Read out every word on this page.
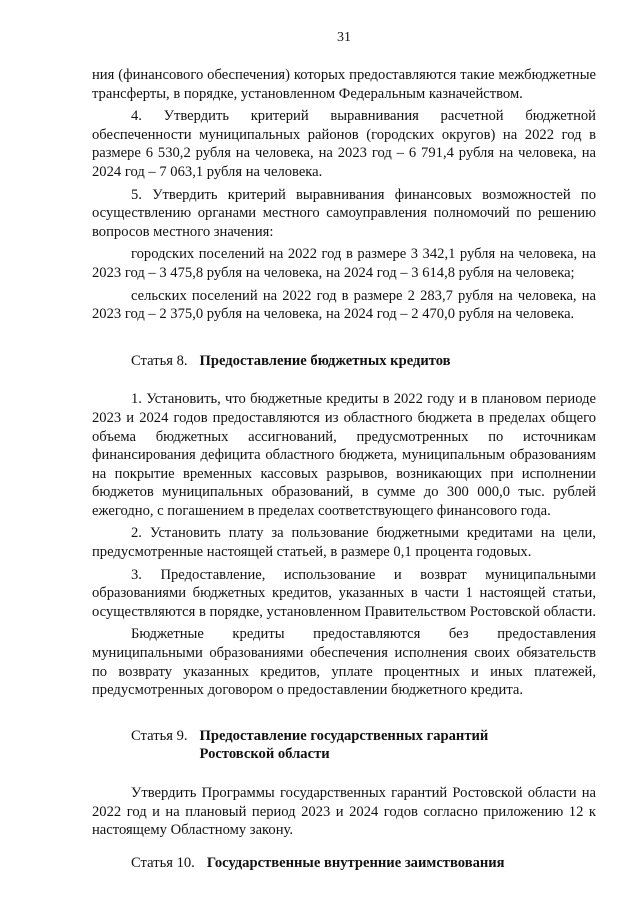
31

ния (финансового обеспечения) которых предоставляются такие межбюджетные трансферты, в порядке, установленном Федеральным казначейством.

4. Утвердить критерий выравнивания расчетной бюджетной обеспеченности муниципальных районов (городских округов) на 2022 год в размере 6 530,2 рубля на человека, на 2023 год – 6 791,4 рубля на человека, на 2024 год – 7 063,1 рубля на человека.

5. Утвердить критерий выравнивания финансовых возможностей по осуществлению органами местного самоуправления полномочий по решению вопросов местного значения:

городских поселений на 2022 год в размере 3 342,1 рубля на человека, на 2023 год – 3 475,8 рубля на человека, на 2024 год – 3 614,8 рубля на человека;

сельских поселений на 2022 год в размере 2 283,7 рубля на человека, на 2023 год – 2 375,0 рубля на человека, на 2024 год – 2 470,0 рубля на человека.

Статья 8. Предоставление бюджетных кредитов

1. Установить, что бюджетные кредиты в 2022 году и в плановом периоде 2023 и 2024 годов предоставляются из областного бюджета в пределах общего объема бюджетных ассигнований, предусмотренных по источникам финансирования дефицита областного бюджета, муниципальным образованиям на покрытие временных кассовых разрывов, возникающих при исполнении бюджетов муниципальных образований, в сумме до 300 000,0 тыс. рублей ежегодно, с погашением в пределах соответствующего финансового года.

2. Установить плату за пользование бюджетными кредитами на цели, предусмотренные настоящей статьей, в размере 0,1 процента годовых.

3. Предоставление, использование и возврат муниципальными образованиями бюджетных кредитов, указанных в части 1 настоящей статьи, осуществляются в порядке, установленном Правительством Ростовской области.

Бюджетные кредиты предоставляются без предоставления муниципальными образованиями обеспечения исполнения своих обязательств по возврату указанных кредитов, уплате процентных и иных платежей, предусмотренных договором о предоставлении бюджетного кредита.

Статья 9. Предоставление государственных гарантий
Ростовской области

Утвердить Программы государственных гарантий Ростовской области на 2022 год и на плановый период 2023 и 2024 годов согласно приложению 12 к настоящему Областному закону.

Статья 10. Государственные внутренние заимствования
